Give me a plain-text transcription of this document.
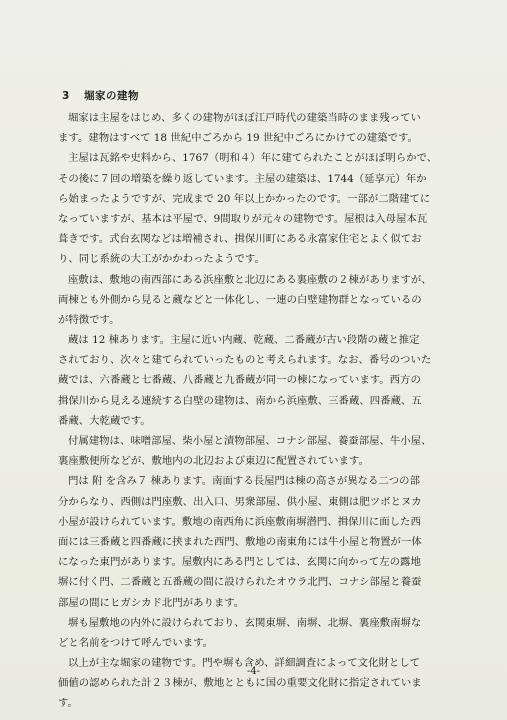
3 堀家の建物

堀家は主屋をはじめ、多くの建物がほぼ江戸時代の建築当時のまま残ってい
ます。建物はすべて 18 世紀中ごろから 19 世紀中ごろにかけての建築です。

主屋は瓦銘や史料から、1767（明和４）年に建てられたことがほぼ明らかで、
その後に７回の増築を繰り返しています。主屋の建築は、1744（延享元）年か
ら始まったようですが、完成まで 20 年以上かかったのです。一部が二階建てに
なっていますが、基本は平屋で、9間取りが元々の建物です。屋根は入母屋本瓦
葺きです。式台玄関などは増補され、揖保川町にある永富家住宅とよく似てお
り、同じ系統の大工がかかわったようです。

座敷は、敷地の南西部にある浜座敷と北辺にある裏座敷の２棟がありますが、
両棟とも外側から見ると蔵などと一体化し、一連の白壁建物群となっているの
が特徴です。

蔵は 12 棟あります。主屋に近い内蔵、乾蔵、二番蔵が古い段階の蔵と推定
されており、次々と建てられていったものと考えられます。なお、番号のついた
蔵では、六番蔵と七番蔵、八番蔵と九番蔵が同一の棟になっています。西方の
揖保川から見える連続する白壁の建物は、南から浜座敷、三番蔵、四番蔵、五
番蔵、大乾蔵です。

付属建物は、味噌部屋、柴小屋と漬物部屋、コナシ部屋、養蚕部屋、牛小屋、
裏座敷便所などが、敷地内の北辺および東辺に配置されています。

門は 附 を含み７ 棟あります。南面する長屋門は棟の高さが異なる二つの部
分からなり、西側は門座敷、出入口、男衆部屋、供小屋、東側は肥ツボとヌカ
小屋が設けられています。敷地の南西角に浜座敷南塀潜門、揖保川に面した西
面には三番蔵と四番蔵に挟まれた西門、敷地の南東角には牛小屋と物置が一体
になった東門があります。屋敷内にある門としては、玄関に向かって左の露地
塀に付く門、二番蔵と五番蔵の間に設けられたオウラ北門、コナシ部屋と養蚕
部屋の間にヒガシカド北門があります。

塀も屋敷地の内外に設けられており、玄関東塀、南塀、北塀、裏座敷南塀な
どと名前をつけて呼んでいます。

以上が主な堀家の建物です。門や塀も含め、詳細調査によって文化財として
価値の認められた計２３棟が、敷地とともに国の重要文化財に指定されていま
す。

-4-
